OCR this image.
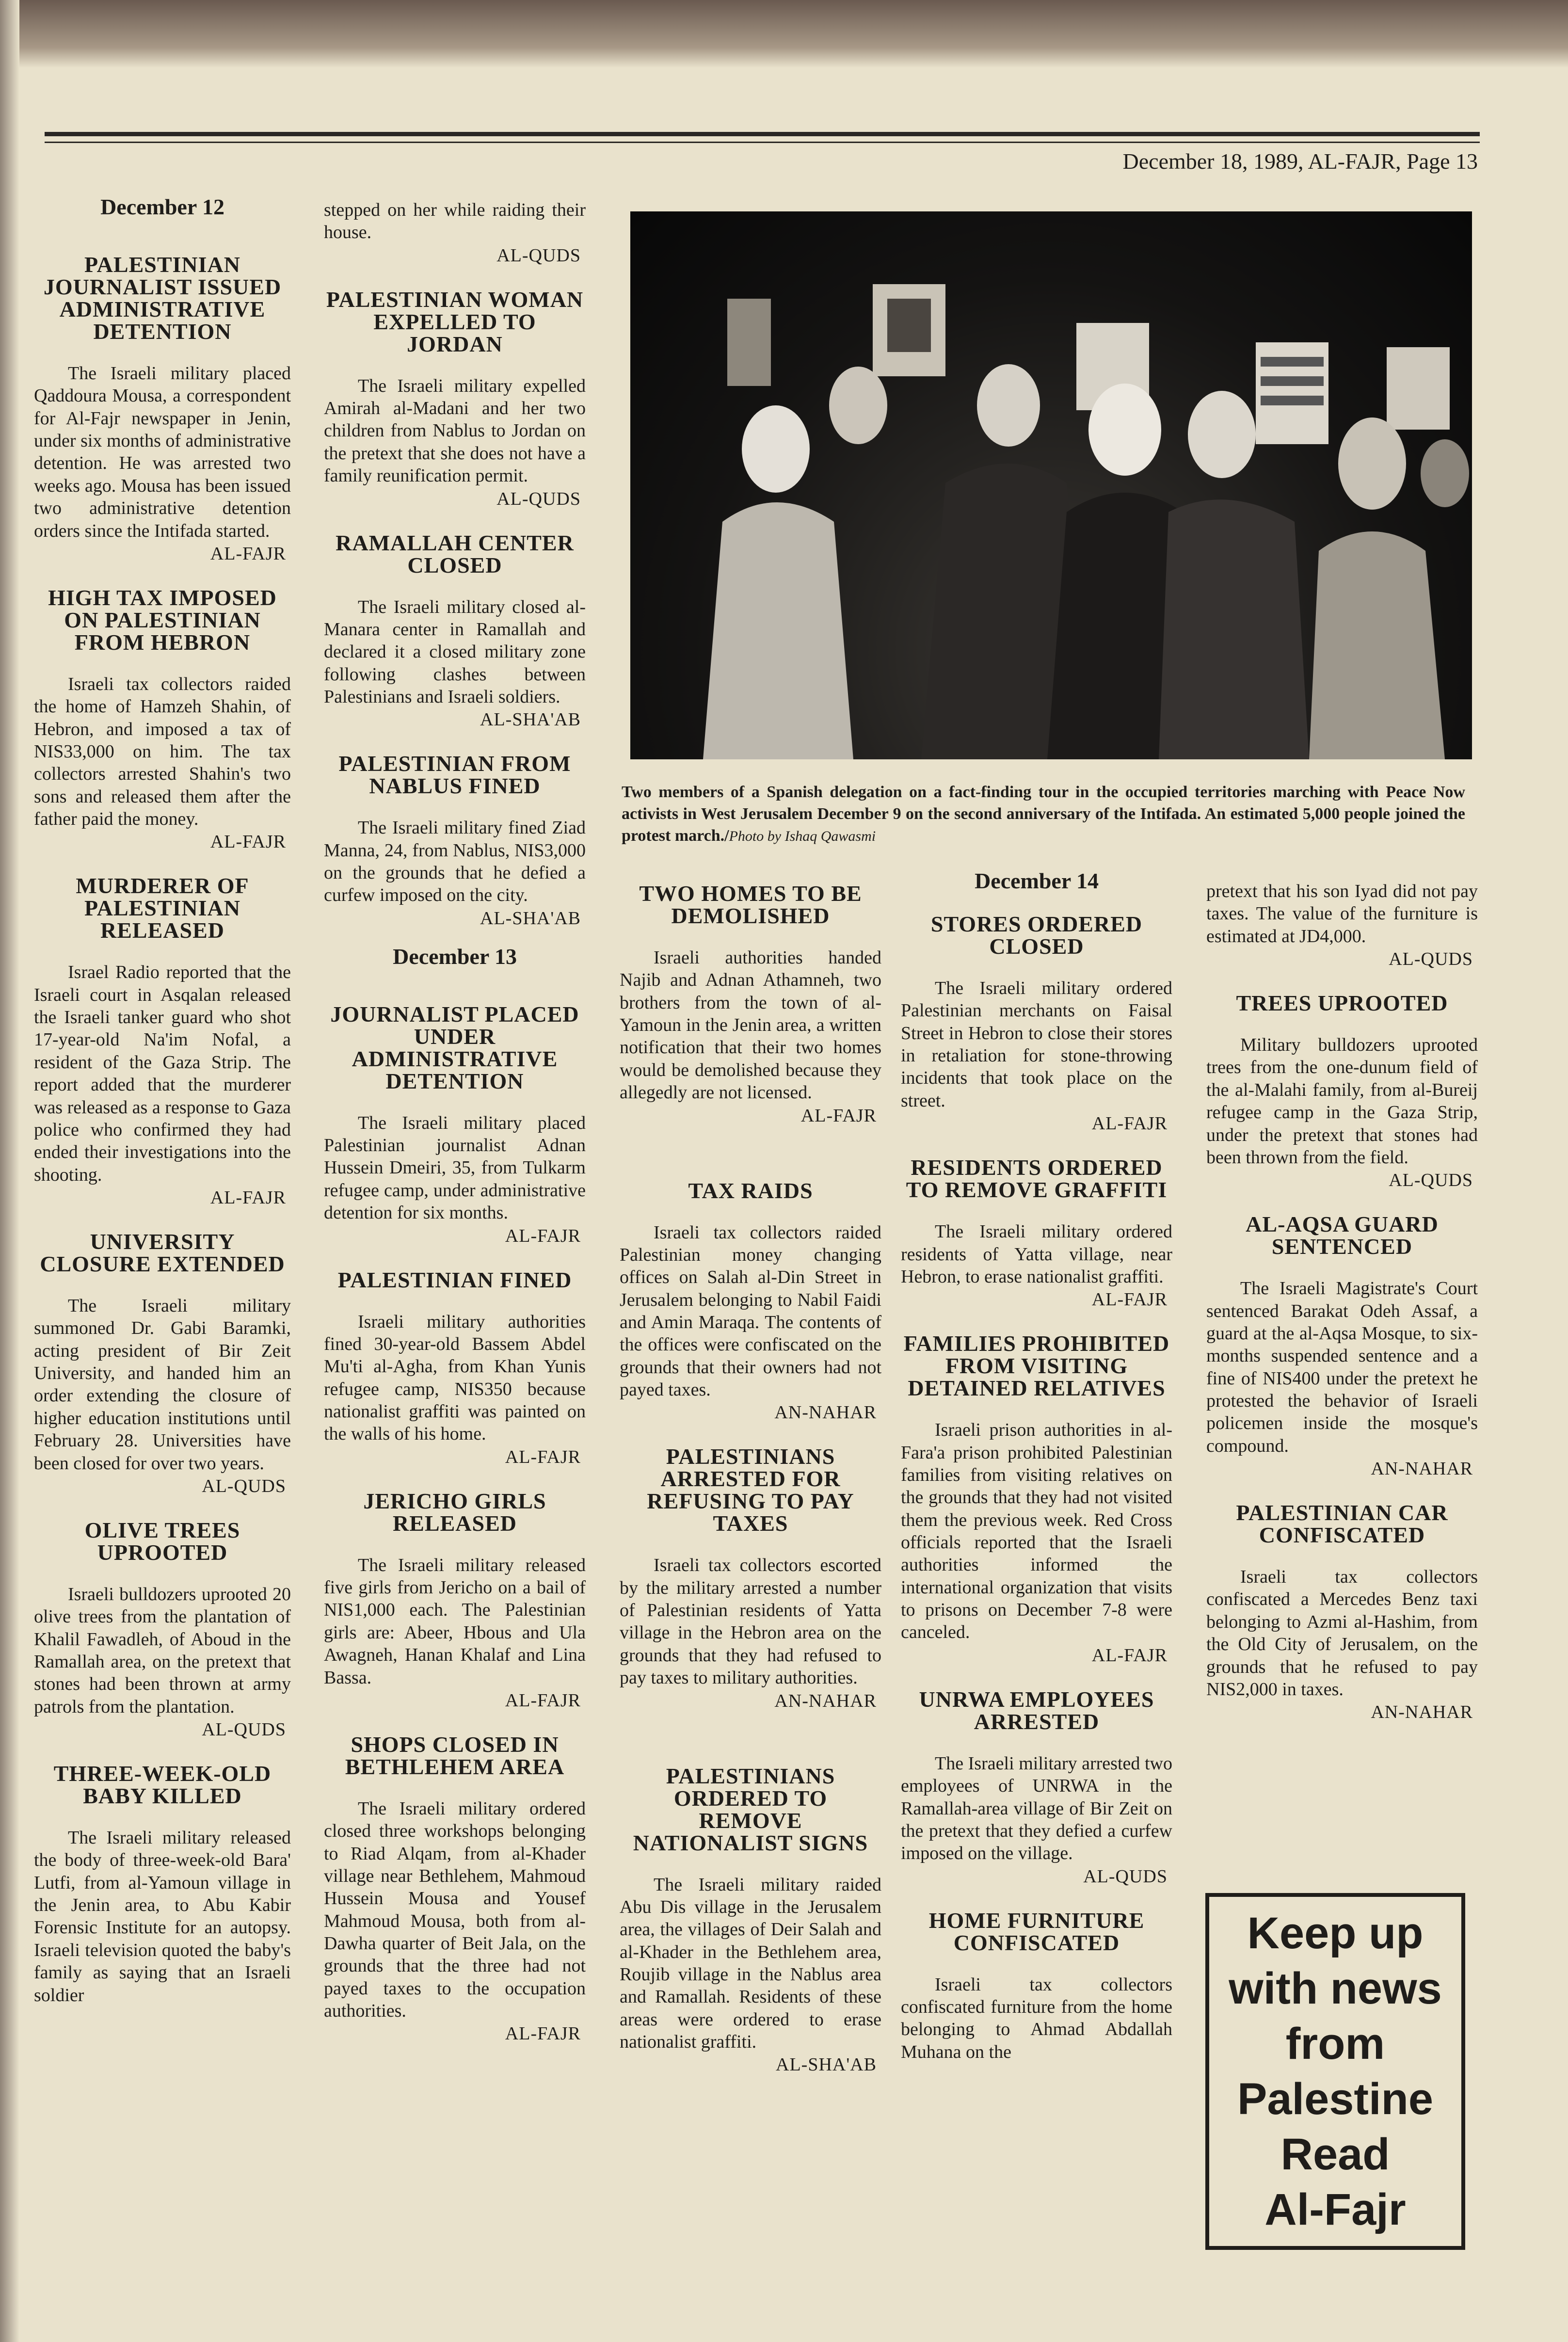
December 18, 1989, AL-FAJR, Page 13
December 12
PALESTINIAN JOURNALIST ISSUED ADMINISTRATIVE DETENTION

The Israeli military placed Qaddoura Mousa, a correspondent for Al-Fajr newspaper in Jenin, under six months of administrative detention. He was arrested two weeks ago. Mousa has been issued two administrative detention orders since the Intifada started.

AL-FAJR
HIGH TAX IMPOSED ON PALESTINIAN FROM HEBRON

Israeli tax collectors raided the home of Hamzeh Shahin, of Hebron, and imposed a tax of NIS33,000 on him. The tax collectors arrested Shahin's two sons and released them after the father paid the money.

AL-FAJR
MURDERER OF PALESTINIAN RELEASED

Israel Radio reported that the Israeli court in Asqalan released the Israeli tanker guard who shot 17-year-old Na'im Nofal, a resident of the Gaza Strip. The report added that the murderer was released as a response to Gaza police who confirmed they had ended their investigations into the shooting.

AL-FAJR
UNIVERSITY CLOSURE EXTENDED

The Israeli military summoned Dr. Gabi Baramki, acting president of Bir Zeit University, and handed him an order extending the closure of higher education institutions until February 28. Universities have been closed for over two years.

AL-QUDS
OLIVE TREES UPROOTED

Israeli bulldozers uprooted 20 olive trees from the plantation of Khalil Fawadleh, of Aboud in the Ramallah area, on the pretext that stones had been thrown at army patrols from the plantation.

AL-QUDS
THREE-WEEK-OLD BABY KILLED

The Israeli military released the body of three-week-old Bara' Lutfi, from al-Yamoun village in the Jenin area, to Abu Kabir Forensic Institute for an autopsy. Israeli television quoted the baby's family as saying that an Israeli soldier

stepped on her while raiding their house.

AL-QUDS
PALESTINIAN WOMAN EXPELLED TO JORDAN

The Israeli military expelled Amirah al-Madani and her two children from Nablus to Jordan on the pretext that she does not have a family reunification permit.

AL-QUDS
RAMALLAH CENTER CLOSED

The Israeli military closed al-Manara center in Ramallah and declared it a closed military zone following clashes between Palestinians and Israeli soldiers.

AL-SHA'AB
PALESTINIAN FROM NABLUS FINED

The Israeli military fined Ziad Manna, 24, from Nablus, NIS3,000 on the grounds that he defied a curfew imposed on the city.

AL-SHA'AB
December 13
JOURNALIST PLACED UNDER ADMINISTRATIVE DETENTION

The Israeli military placed Palestinian journalist Adnan Hussein Dmeiri, 35, from Tulkarm refugee camp, under administrative detention for six months.

AL-FAJR
PALESTINIAN FINED

Israeli military authorities fined 30-year-old Bassem Abdel Mu'ti al-Agha, from Khan Yunis refugee camp, NIS350 because nationalist graffiti was painted on the walls of his home.

AL-FAJR
JERICHO GIRLS RELEASED

The Israeli military released five girls from Jericho on a bail of NIS1,000 each. The Palestinian girls are: Abeer, Hbous and Ula Awagneh, Hanan Khalaf and Lina Bassa.

AL-FAJR
SHOPS CLOSED IN BETHLEHEM AREA

The Israeli military ordered closed three workshops belonging to Riad Alqam, from al-Khader village near Bethlehem, Mahmoud Hussein Mousa and Yousef Mahmoud Mousa, both from al-Dawha quarter of Beit Jala, on the grounds that the three had not payed taxes to the occupation authorities.

AL-FAJR
Two members of a Spanish delegation on a fact-finding tour in the occupied territories marching with Peace Now activists in West Jerusalem December 9 on the second anniversary of the Intifada. An estimated 5,000 people joined the protest march./Photo by Ishaq Qawasmi
TWO HOMES TO BE DEMOLISHED

Israeli authorities handed Najib and Adnan Athamneh, two brothers from the town of al-Yamoun in the Jenin area, a written notification that their two homes would be demolished because they allegedly are not licensed.

AL-FAJR
TAX RAIDS

Israeli tax collectors raided Palestinian money changing offices on Salah al-Din Street in Jerusalem belonging to Nabil Faidi and Amin Maraqa. The contents of the offices were confiscated on the grounds that their owners had not payed taxes.

AN-NAHAR
PALESTINIANS ARRESTED FOR REFUSING TO PAY TAXES

Israeli tax collectors escorted by the military arrested a number of Palestinian residents of Yatta village in the Hebron area on the grounds that they had refused to pay taxes to military authorities.

AN-NAHAR
PALESTINIANS ORDERED TO REMOVE NATIONALIST SIGNS

The Israeli military raided Abu Dis village in the Jerusalem area, the villages of Deir Salah and al-Khader in the Bethlehem area, Roujib village in the Nablus area and Ramallah. Residents of these areas were ordered to erase nationalist graffiti.

AL-SHA'AB
December 14
STORES ORDERED CLOSED

The Israeli military ordered Palestinian merchants on Faisal Street in Hebron to close their stores in retaliation for stone-throwing incidents that took place on the street.

AL-FAJR
RESIDENTS ORDERED TO REMOVE GRAFFITI

The Israeli military ordered residents of Yatta village, near Hebron, to erase nationalist graffiti.

AL-FAJR
FAMILIES PROHIBITED FROM VISITING DETAINED RELATIVES

Israeli prison authorities in al-Fara'a prison prohibited Palestinian families from visiting relatives on the grounds that they had not visited them the previous week. Red Cross officials reported that the Israeli authorities informed the international organization that visits to prisons on December 7-8 were canceled.

AL-FAJR
UNRWA EMPLOYEES ARRESTED

The Israeli military arrested two employees of UNRWA in the Ramallah-area village of Bir Zeit on the pretext that they defied a curfew imposed on the village.

AL-QUDS
HOME FURNITURE CONFISCATED

Israeli tax collectors confiscated furniture from the home belonging to Ahmad Abdallah Muhana on the

pretext that his son Iyad did not pay taxes. The value of the furniture is estimated at JD4,000.

AL-QUDS
TREES UPROOTED

Military bulldozers uprooted trees from the one-dunum field of the al-Malahi family, from al-Bureij refugee camp in the Gaza Strip, under the pretext that stones had been thrown from the field.

AL-QUDS
AL-AQSA GUARD SENTENCED

The Israeli Magistrate's Court sentenced Barakat Odeh Assaf, a guard at the al-Aqsa Mosque, to six-months suspended sentence and a fine of NIS400 under the pretext he protested the behavior of Israeli policemen inside the mosque's compound.

AN-NAHAR
PALESTINIAN CAR CONFISCATED

Israeli tax collectors confiscated a Mercedes Benz taxi belonging to Azmi al-Hashim, from the Old City of Jerusalem, on the grounds that he refused to pay NIS2,000 in taxes.

AN-NAHAR
Keep up
with news
from
Palestine
Read
Al-Fajr
